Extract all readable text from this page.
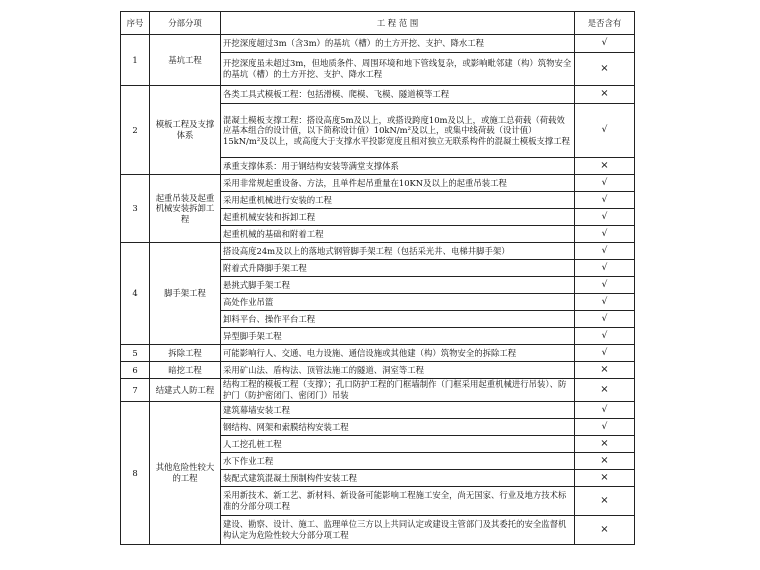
序号	分部分项	工 程 范 围	是否含有
1	基坑工程	开挖深度超过3m（含3m）的基坑（槽）的土方开挖、支护、降水工程	√
		开挖深度虽未超过3m，但地质条件、周围环境和地下管线复杂，或影响毗邻建（构）筑物安全的基坑（槽）的土方开挖、支护、降水工程	×
2	模板工程及支撑体系	各类工具式模板工程：包括滑模、爬模、飞模、隧道模等工程	×
		混凝土模板支撑工程：搭设高度5m及以上，或搭设跨度10m及以上，或施工总荷载（荷载效应基本组合的设计值，以下简称设计值）10kN/m²及以上，或集中线荷载（设计值）15kN/m²及以上，或高度大于支撑水平投影宽度且相对独立无联系构件的混凝土模板支撑工程	√
		承重支撑体系：用于钢结构安装等满堂支撑体系	×
3	起重吊装及起重机械安装拆卸工程	采用非常规起重设备、方法，且单件起吊重量在10KN及以上的起重吊装工程	√
		采用起重机械进行安装的工程	√
		起重机械安装和拆卸工程	√
		起重机械的基础和附着工程	√
4	脚手架工程	搭设高度24m及以上的落地式钢管脚手架工程（包括采光井、电梯井脚手架）	√
		附着式升降脚手架工程	√
		悬挑式脚手架工程	√
		高处作业吊篮	√
		卸料平台、操作平台工程	√
		异型脚手架工程	√
5	拆除工程	可能影响行人、交通、电力设施、通信设施或其他建（构）筑物安全的拆除工程	√
6	暗挖工程	采用矿山法、盾构法、顶管法施工的隧道、洞室等工程	×
7	结建式人防工程	结构工程的模板工程（支撑）；孔口防护工程的门框墙制作（门框采用起重机械进行吊装）、防护门（防护密闭门、密闭门）吊装	×
8	其他危险性较大的工程	建筑幕墙安装工程	√
		钢结构、网架和索膜结构安装工程	√
		人工挖孔桩工程	×
		水下作业工程	×
		装配式建筑混凝土预制构件安装工程	×
		采用新技术、新工艺、新材料、新设备可能影响工程施工安全，尚无国家、行业及地方技术标准的分部分项工程	×
		建设、勘察、设计、施工、监理单位三方以上共同认定或建设主管部门及其委托的安全监督机构认定为危险性较大分部分项工程	×
